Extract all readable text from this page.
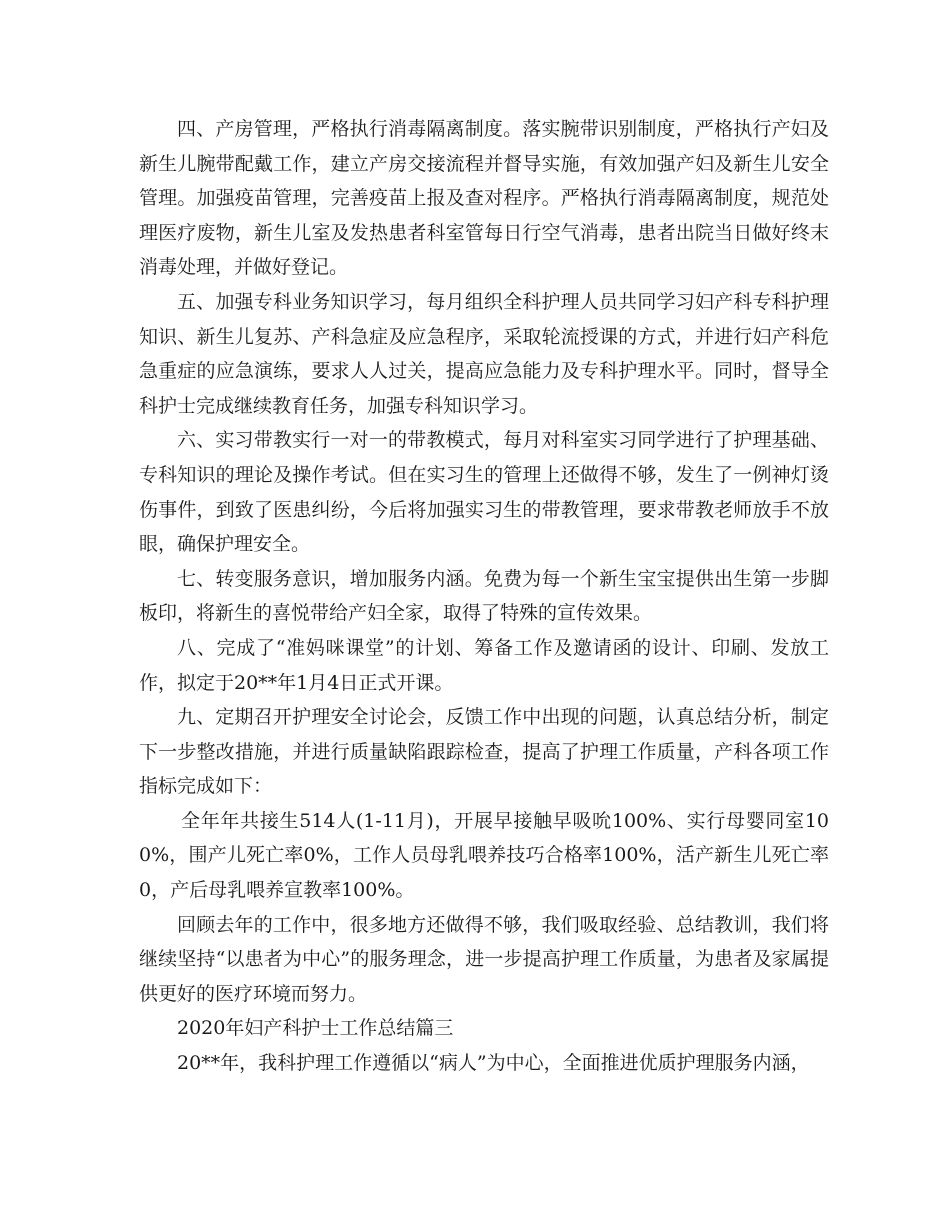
四、产房管理，严格执行消毒隔离制度。落实腕带识别制度，严格执行产妇及新生儿腕带配戴工作，建立产房交接流程并督导实施，有效加强产妇及新生儿安全管理。加强疫苗管理，完善疫苗上报及查对程序。严格执行消毒隔离制度，规范处理医疗废物，新生儿室及发热患者科室管每日行空气消毒，患者出院当日做好终末消毒处理，并做好登记。

五、加强专科业务知识学习，每月组织全科护理人员共同学习妇产科专科护理知识、新生儿复苏、产科急症及应急程序，采取轮流授课的方式，并进行妇产科危急重症的应急演练，要求人人过关，提高应急能力及专科护理水平。同时，督导全科护士完成继续教育任务，加强专科知识学习。

六、实习带教实行一对一的带教模式，每月对科室实习同学进行了护理基础、专科知识的理论及操作考试。但在实习生的管理上还做得不够，发生了一例神灯烫伤事件，到致了医患纠纷，今后将加强实习生的带教管理，要求带教老师放手不放眼，确保护理安全。

七、转变服务意识，增加服务内涵。免费为每一个新生宝宝提供出生第一步脚板印，将新生的喜悦带给产妇全家，取得了特殊的宣传效果。

八、完成了“准妈咪课堂”的计划、筹备工作及邀请函的设计、印刷、发放工作，拟定于20**年1月4日正式开课。

九、定期召开护理安全讨论会，反馈工作中出现的问题，认真总结分析，制定下一步整改措施，并进行质量缺陷跟踪检查，提高了护理工作质量，产科各项工作指标完成如下：

全年年共接生514人(1-11月)，开展早接触早吸吮100%、实行母婴同室100%，围产儿死亡率0%，工作人员母乳喂养技巧合格率100%，活产新生儿死亡率0，产后母乳喂养宣教率100%。

回顾去年的工作中，很多地方还做得不够，我们吸取经验、总结教训，我们将继续坚持“以患者为中心”的服务理念，进一步提高护理工作质量，为患者及家属提供更好的医疗环境而努力。

2020年妇产科护士工作总结篇三

20**年，我科护理工作遵循以“病人”为中心，全面推进优质护理服务内涵，
